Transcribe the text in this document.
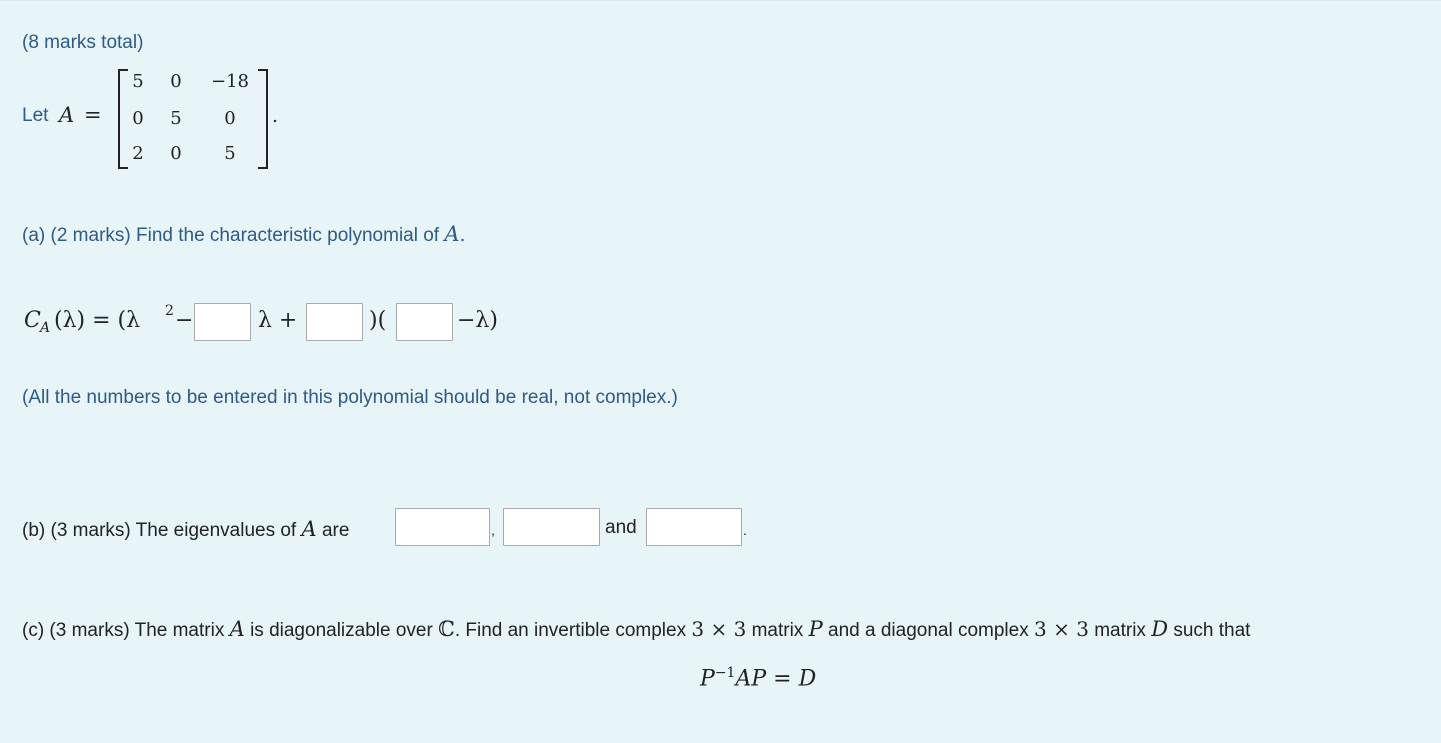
(8 marks total)
Let A =
5	0	−18
0	5	0
2	0	5
.
(a) (2 marks) Find the characteristic polynomial of A.
C A (λ) = (λ 2 −	λ +	)(	−λ)
(All the numbers to be entered in this polynomial should be real, not complex.)
(b) (3 marks) The eigenvalues of A are	,	and	.
(c) (3 marks) The matrix A is diagonalizable over ℂ. Find an invertible complex 3 × 3 matrix P and a diagonal complex 3 × 3 matrix D such that
$P^{-1}AP = D$
